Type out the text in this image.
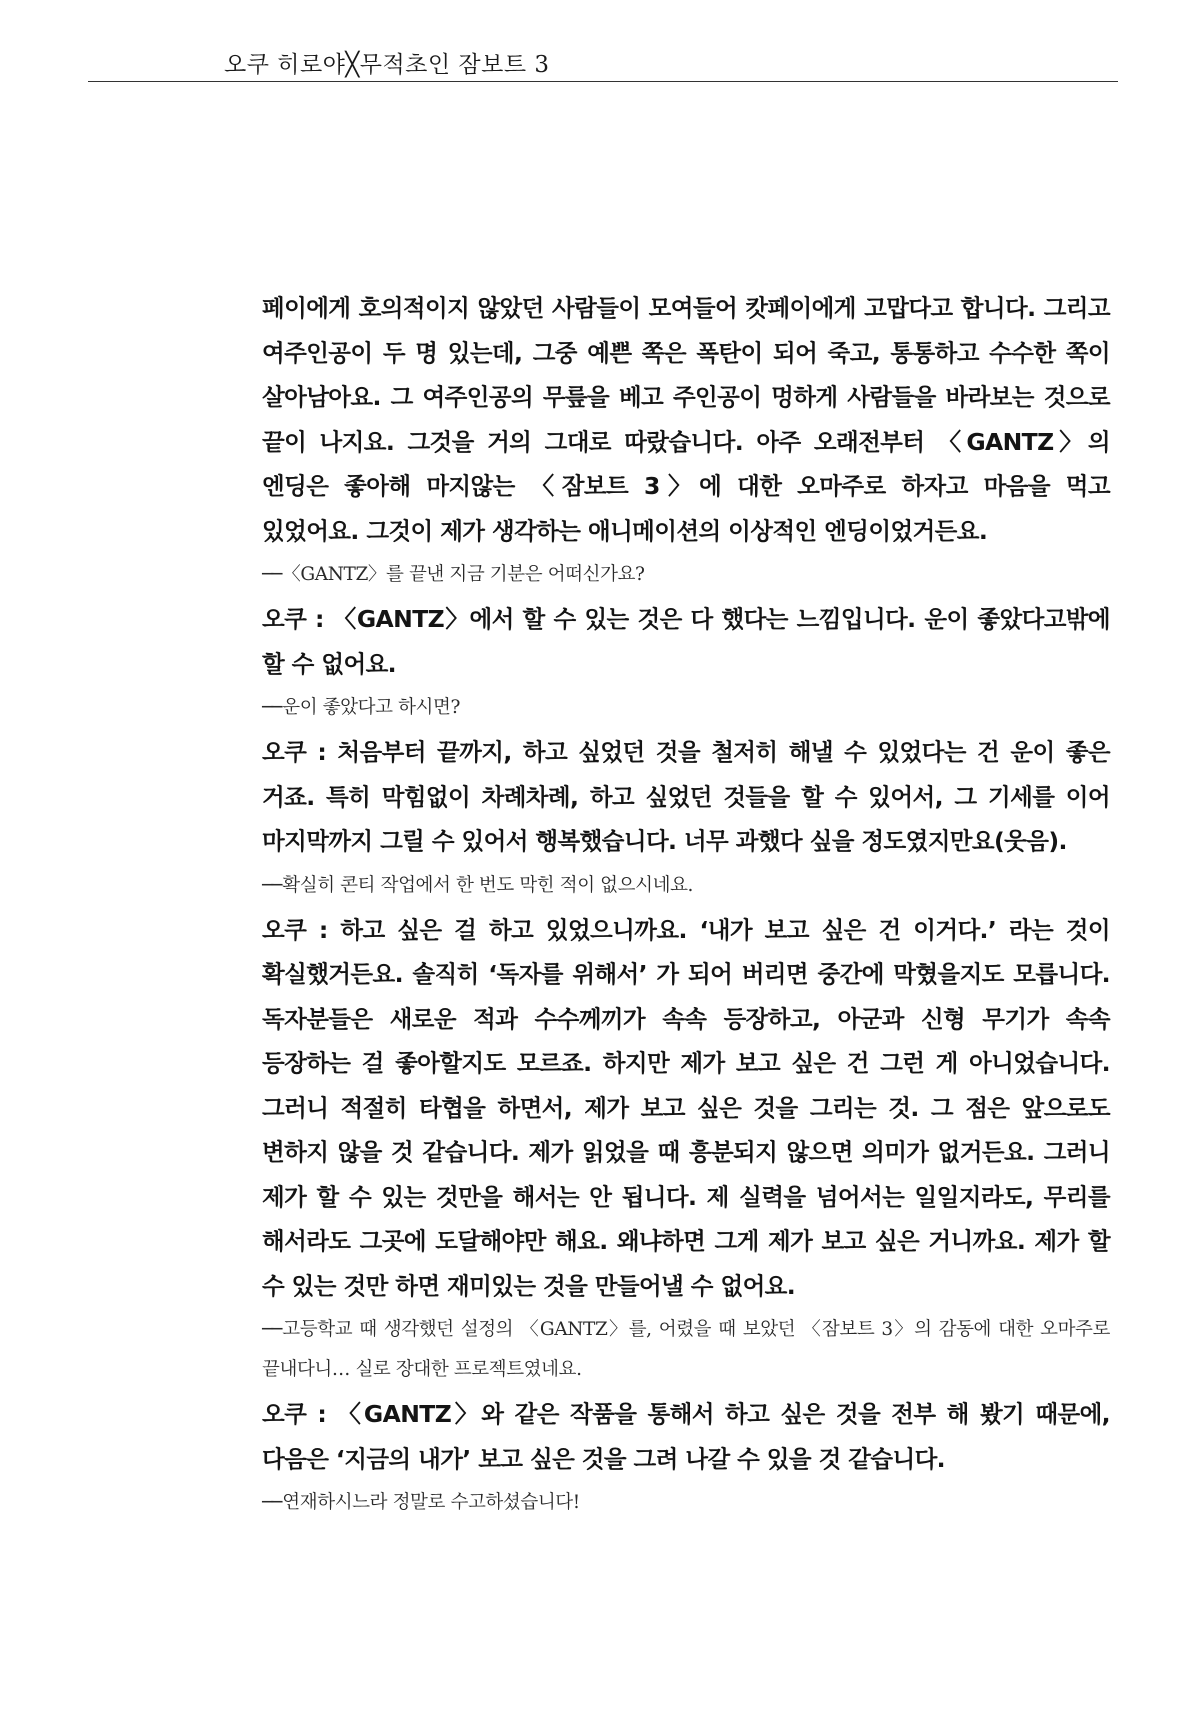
오쿠 히로야╳무적초인 잠보트 3

페이에게 호의적이지 않았던 사람들이 모여들어 캇페이에게 고맙다고 합니다. 그리고 여주인공이 두 명 있는데, 그중 예쁜 쪽은 폭탄이 되어 죽고, 통통하고 수수한 쪽이 살아남아요. 그 여주인공의 무릎을 베고 주인공이 멍하게 사람들을 바라보는 것으로 끝이 나지요. 그것을 거의 그대로 따랐습니다. 아주 오래전부터 〈GANTZ〉의 엔딩은 좋아해 마지않는 〈잠보트 3〉에 대한 오마주로 하자고 마음을 먹고 있었어요. 그것이 제가 생각하는 애니메이션의 이상적인 엔딩이었거든요.

── 〈GANTZ〉를 끝낸 지금 기분은 어떠신가요?

오쿠 : 〈GANTZ〉에서 할 수 있는 것은 다 했다는 느낌입니다. 운이 좋았다고밖에 할 수 없어요.

── 운이 좋았다고 하시면?

오쿠 : 처음부터 끝까지, 하고 싶었던 것을 철저히 해낼 수 있었다는 건 운이 좋은 거죠. 특히 막힘없이 차례차례, 하고 싶었던 것들을 할 수 있어서, 그 기세를 이어 마지막까지 그릴 수 있어서 행복했습니다. 너무 과했다 싶을 정도였지만요(웃음).

── 확실히 콘티 작업에서 한 번도 막힌 적이 없으시네요.

오쿠 : 하고 싶은 걸 하고 있었으니까요. ‘내가 보고 싶은 건 이거다.’ 라는 것이 확실했거든요. 솔직히 ‘독자를 위해서’ 가 되어 버리면 중간에 막혔을지도 모릅니다. 독자분들은 새로운 적과 수수께끼가 속속 등장하고, 아군과 신형 무기가 속속 등장하는 걸 좋아할지도 모르죠. 하지만 제가 보고 싶은 건 그런 게 아니었습니다. 그러니 적절히 타협을 하면서, 제가 보고 싶은 것을 그리는 것. 그 점은 앞으로도 변하지 않을 것 같습니다. 제가 읽었을 때 흥분되지 않으면 의미가 없거든요. 그러니 제가 할 수 있는 것만을 해서는 안 됩니다. 제 실력을 넘어서는 일일지라도, 무리를 해서라도 그곳에 도달해야만 해요. 왜냐하면 그게 제가 보고 싶은 거니까요. 제가 할 수 있는 것만 하면 재미있는 것을 만들어낼 수 없어요.

── 고등학교 때 생각했던 설정의 〈GANTZ〉를, 어렸을 때 보았던 〈잠보트 3〉의 감동에 대한 오마주로 끝내다니… 실로 장대한 프로젝트였네요.

오쿠 : 〈GANTZ〉와 같은 작품을 통해서 하고 싶은 것을 전부 해 봤기 때문에, 다음은 ‘지금의 내가’ 보고 싶은 것을 그려 나갈 수 있을 것 같습니다.

── 연재하시느라 정말로 수고하셨습니다!
